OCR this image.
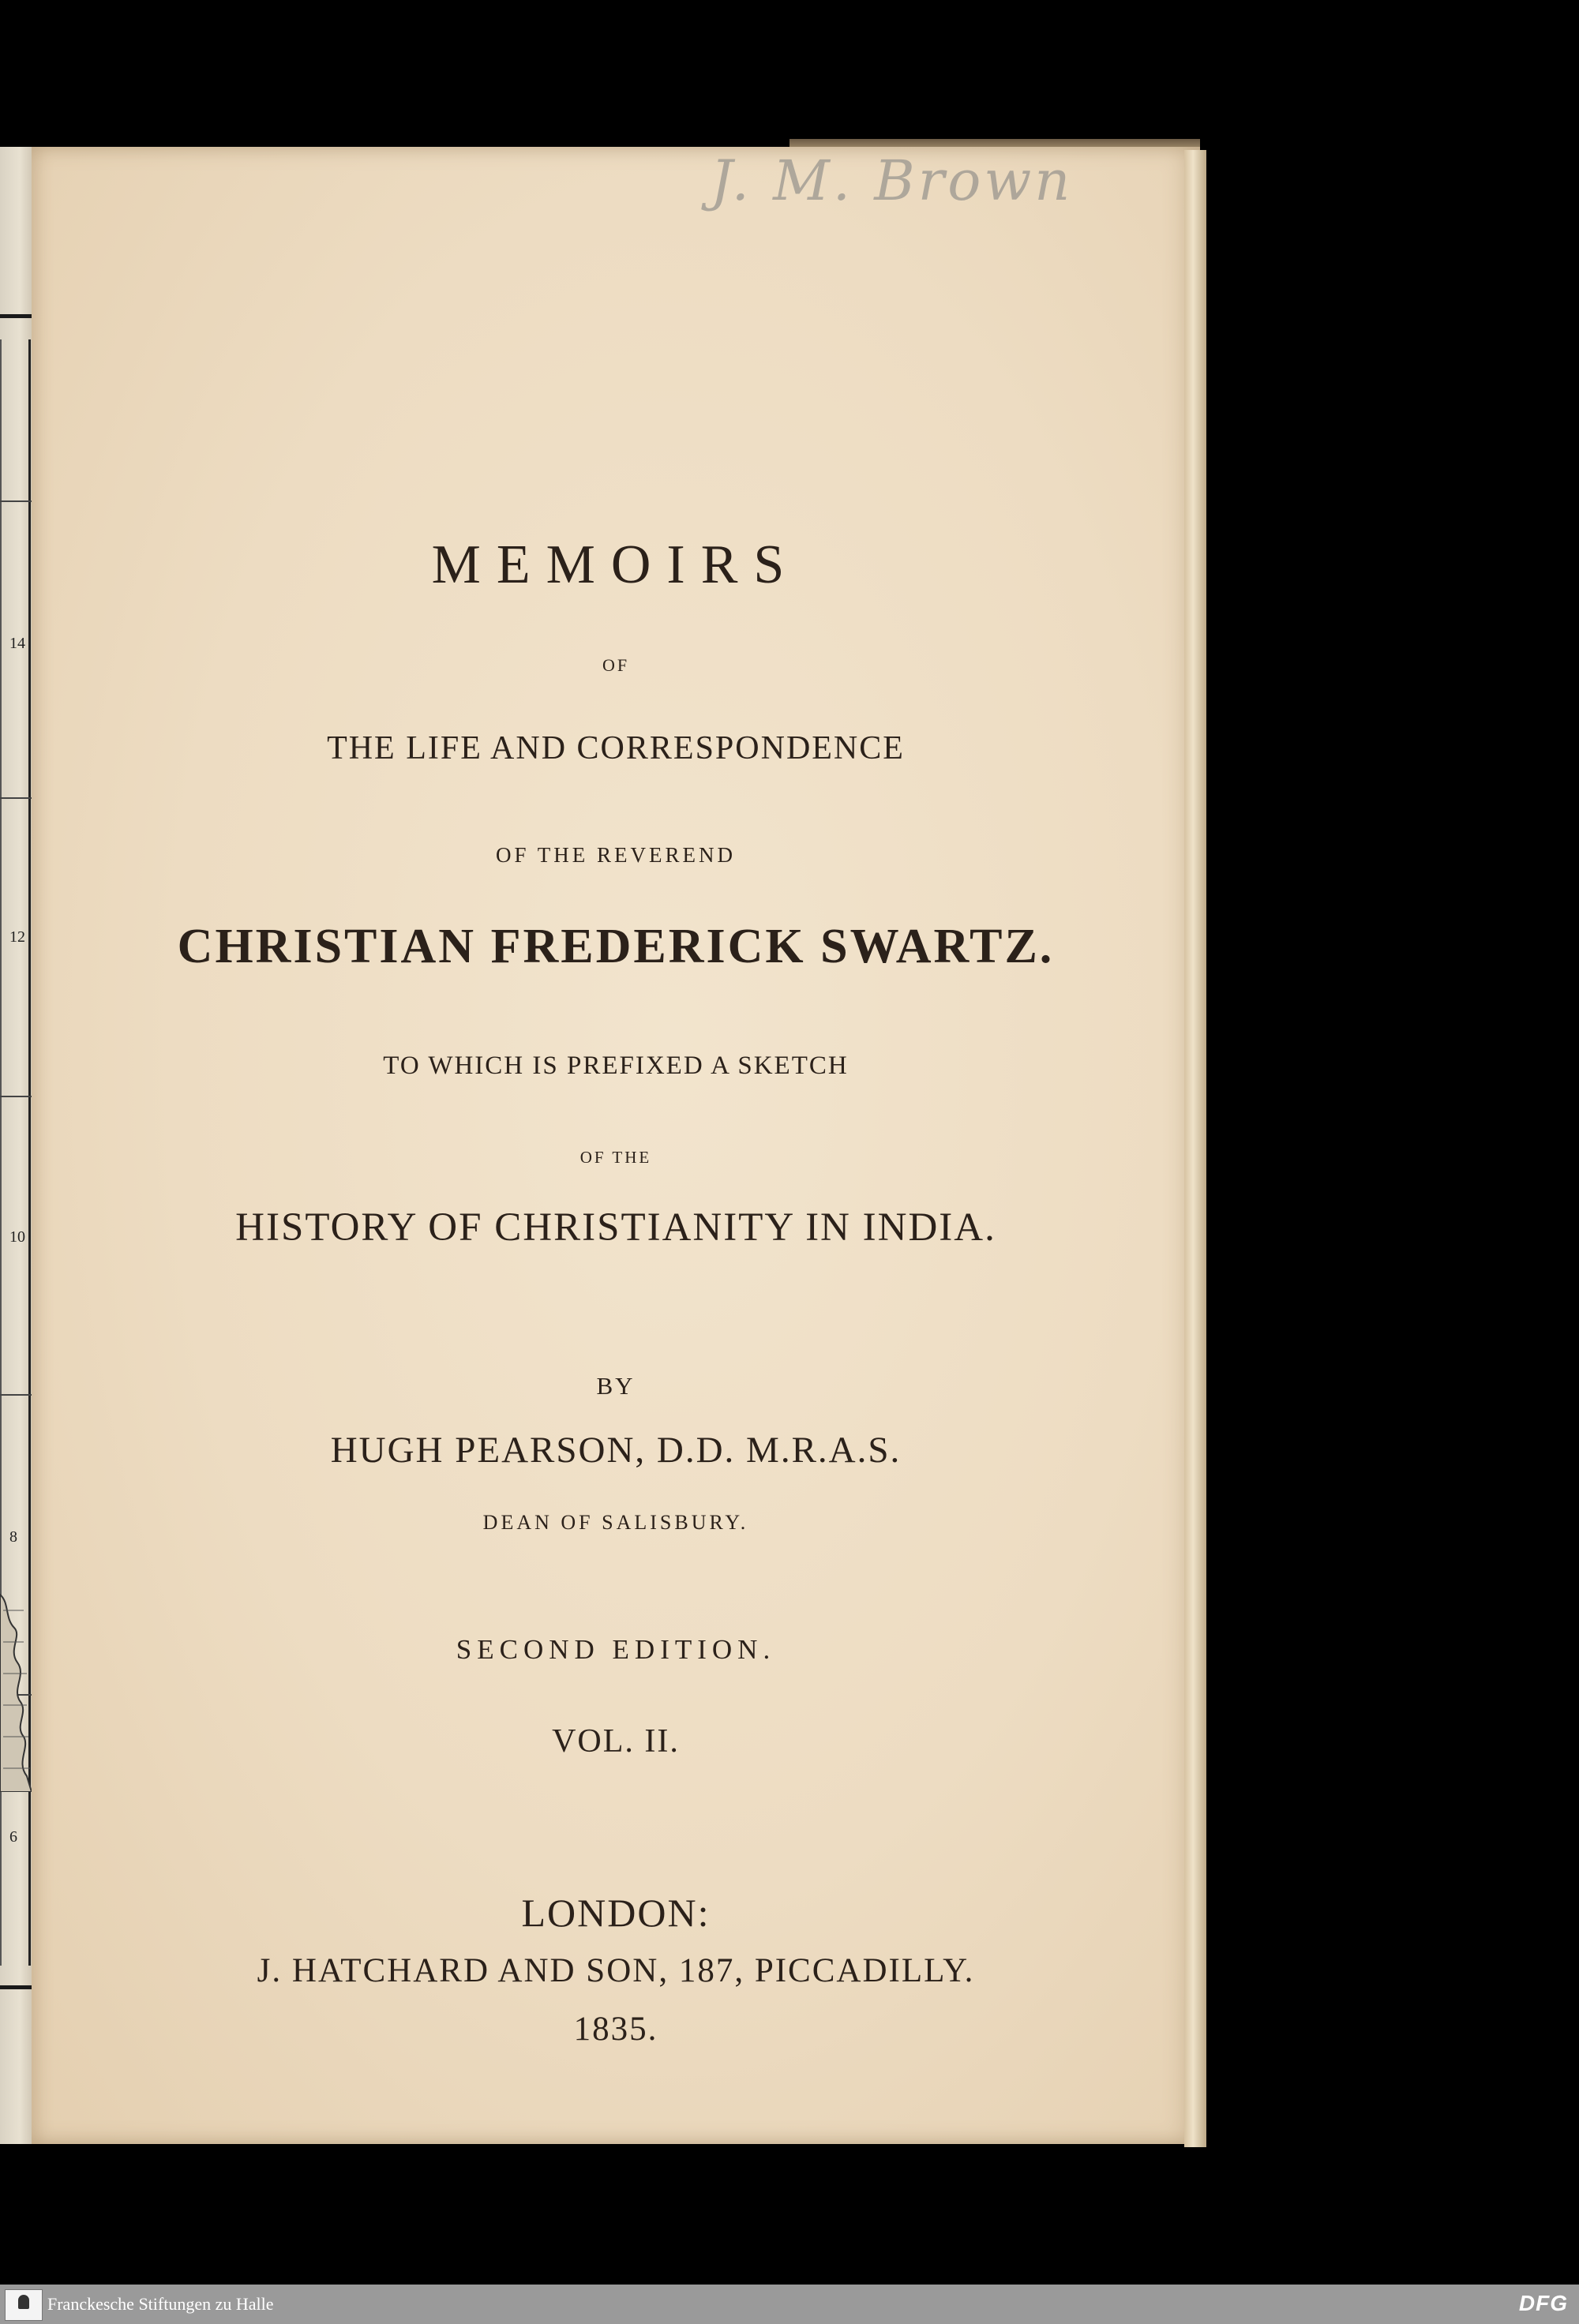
14
12
10
8
6
MEMOIRS
OF
THE LIFE AND CORRESPONDENCE
OF THE REVEREND
CHRISTIAN FREDERICK SWARTZ.
TO WHICH IS PREFIXED A SKETCH
OF THE
HISTORY OF CHRISTIANITY IN INDIA.
BY
HUGH PEARSON, D.D. M.R.A.S.
DEAN OF SALISBURY.
SECOND EDITION.
VOL. II.
LONDON:
J. HATCHARD AND SON, 187, PICCADILLY.
1835.
J. M. Brown
Franckesche Stiftungen zu Halle	DFG
